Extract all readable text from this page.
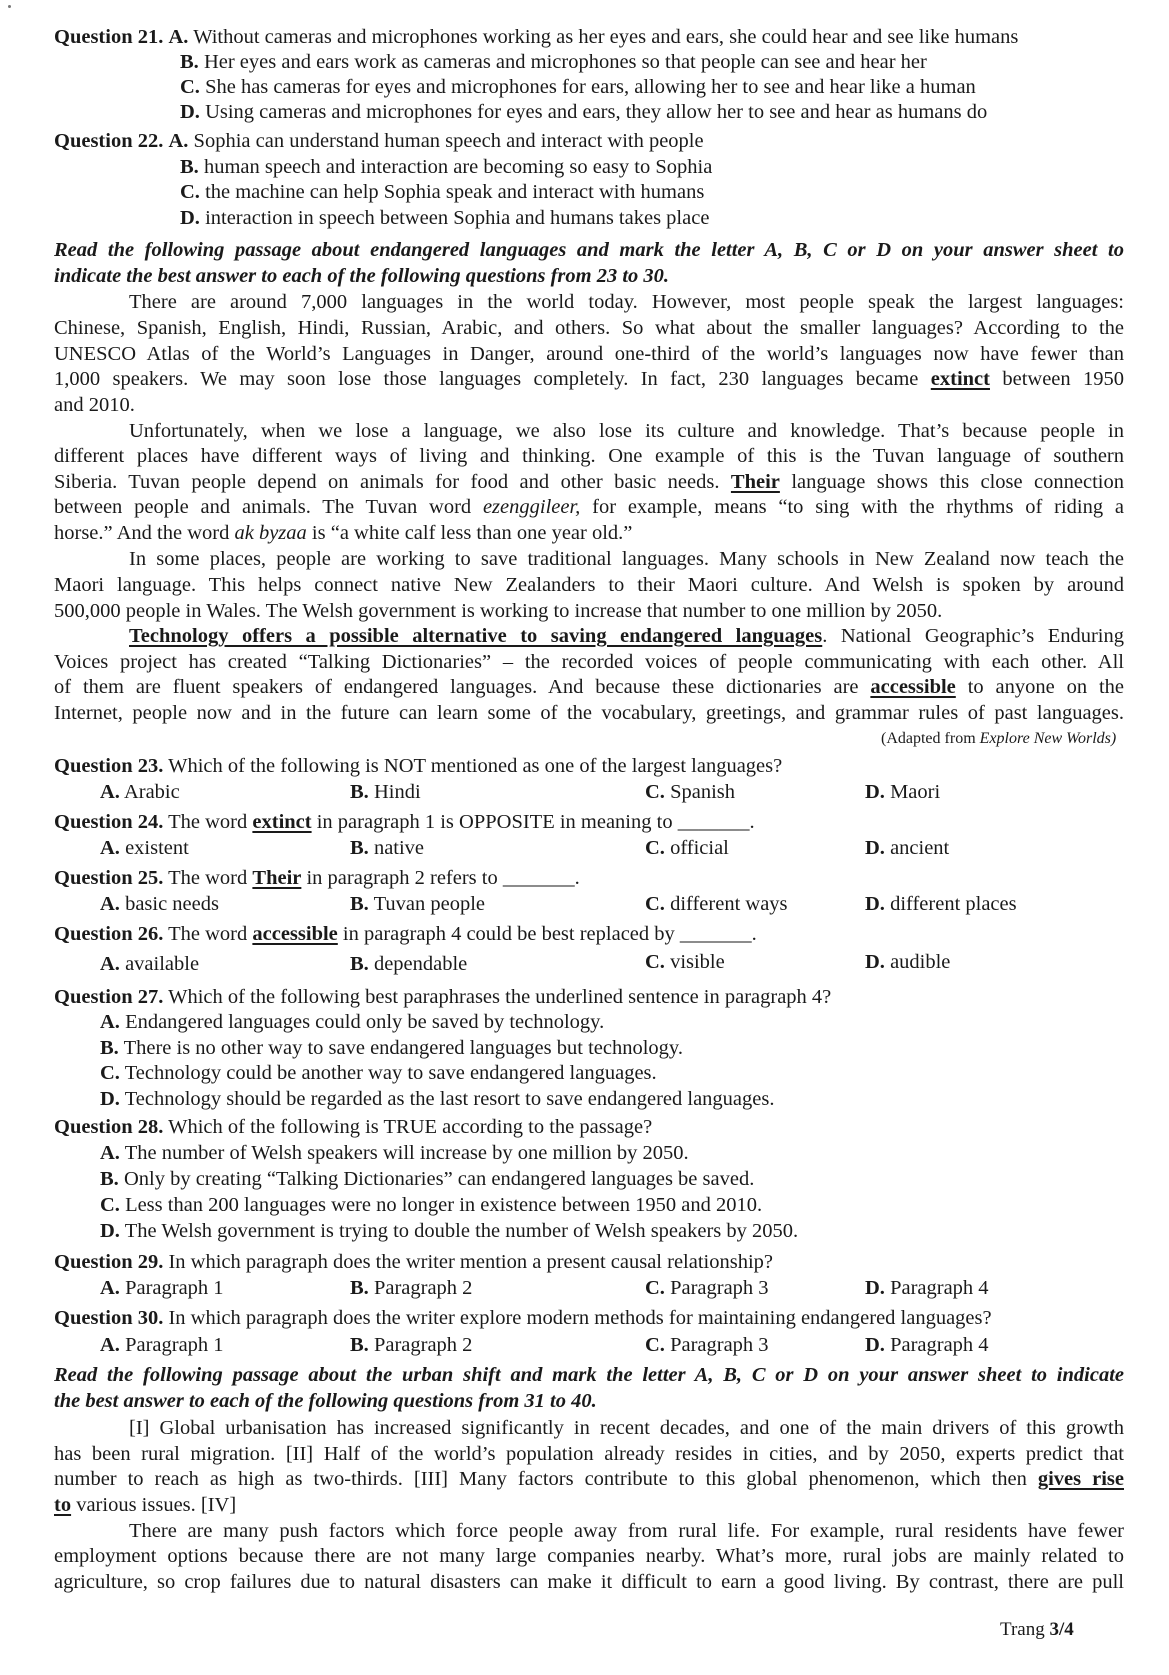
Question 21. A. Without cameras and microphones working as her eyes and ears, she could hear and see like humans
B. Her eyes and ears work as cameras and microphones so that people can see and hear her
C. She has cameras for eyes and microphones for ears, allowing her to see and hear like a human
D. Using cameras and microphones for eyes and ears, they allow her to see and hear as humans do
Question 22. A. Sophia can understand human speech and interact with people
B. human speech and interaction are becoming so easy to Sophia
C. the machine can help Sophia speak and interact with humans
D. interaction in speech between Sophia and humans takes place
Read the following passage about endangered languages and mark the letter A, B, C or D on your answer sheet to
indicate the best answer to each of the following questions from 23 to 30.
There are around 7,000 languages in the world today. However, most people speak the largest languages:
Chinese, Spanish, English, Hindi, Russian, Arabic, and others. So what about the smaller languages? According to the
UNESCO Atlas of the World’s Languages in Danger, around one-third of the world’s languages now have fewer than
1,000 speakers. We may soon lose those languages completely. In fact, 230 languages became extinct between 1950
and 2010.
Unfortunately, when we lose a language, we also lose its culture and knowledge. That’s because people in
different places have different ways of living and thinking. One example of this is the Tuvan language of southern
Siberia. Tuvan people depend on animals for food and other basic needs. Their language shows this close connection
between people and animals. The Tuvan word ezenggileer, for example, means “to sing with the rhythms of riding a
horse.” And the word ak byzaa is “a white calf less than one year old.”
In some places, people are working to save traditional languages. Many schools in New Zealand now teach the
Maori language. This helps connect native New Zealanders to their Maori culture. And Welsh is spoken by around
500,000 people in Wales. The Welsh government is working to increase that number to one million by 2050.
Technology offers a possible alternative to saving endangered languages. National Geographic’s Enduring
Voices project has created “Talking Dictionaries” – the recorded voices of people communicating with each other. All
of them are fluent speakers of endangered languages. And because these dictionaries are accessible to anyone on the
Internet, people now and in the future can learn some of the vocabulary, greetings, and grammar rules of past languages.
(Adapted from Explore New Worlds)
Question 23. Which of the following is NOT mentioned as one of the largest languages?
A. Arabic	B. Hindi	C. Spanish	D. Maori
Question 24. The word extinct in paragraph 1 is OPPOSITE in meaning to _______.
A. existent	B. native	C. official	D. ancient
Question 25. The word Their in paragraph 2 refers to _______.
A. basic needs	B. Tuvan people	C. different ways	D. different places
Question 26. The word accessible in paragraph 4 could be best replaced by _______.
A. available	B. dependable	C. visible	D. audible
Question 27. Which of the following best paraphrases the underlined sentence in paragraph 4?
A. Endangered languages could only be saved by technology.
B. There is no other way to save endangered languages but technology.
C. Technology could be another way to save endangered languages.
D. Technology should be regarded as the last resort to save endangered languages.
Question 28. Which of the following is TRUE according to the passage?
A. The number of Welsh speakers will increase by one million by 2050.
B. Only by creating “Talking Dictionaries” can endangered languages be saved.
C. Less than 200 languages were no longer in existence between 1950 and 2010.
D. The Welsh government is trying to double the number of Welsh speakers by 2050.
Question 29. In which paragraph does the writer mention a present causal relationship?
A. Paragraph 1	B. Paragraph 2	C. Paragraph 3	D. Paragraph 4
Question 30. In which paragraph does the writer explore modern methods for maintaining endangered languages?
A. Paragraph 1	B. Paragraph 2	C. Paragraph 3	D. Paragraph 4
Read the following passage about the urban shift and mark the letter A, B, C or D on your answer sheet to indicate
the best answer to each of the following questions from 31 to 40.
[I] Global urbanisation has increased significantly in recent decades, and one of the main drivers of this growth
has been rural migration. [II] Half of the world’s population already resides in cities, and by 2050, experts predict that
number to reach as high as two-thirds. [III] Many factors contribute to this global phenomenon, which then gives rise
to various issues. [IV]
There are many push factors which force people away from rural life. For example, rural residents have fewer
employment options because there are not many large companies nearby. What’s more, rural jobs are mainly related to
agriculture, so crop failures due to natural disasters can make it difficult to earn a good living. By contrast, there are pull
Trang 3/4
